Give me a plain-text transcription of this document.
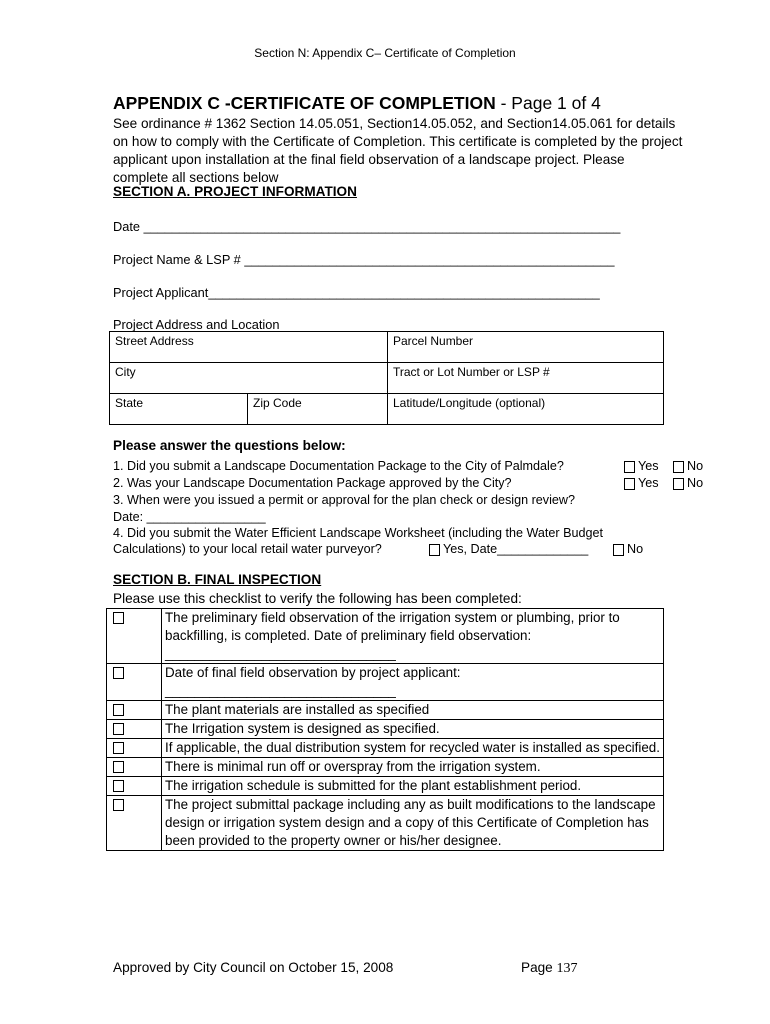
Section N: Appendix C– Certificate of Completion
APPENDIX C -CERTIFICATE OF COMPLETION - Page 1 of 4
See ordinance # 1362 Section 14.05.051, Section14.05.052, and Section14.05.061 for details on how to comply with the Certificate of Completion. This certificate is completed by the project applicant upon installation at the final field observation of a landscape project. Please complete all sections below
SECTION A. PROJECT INFORMATION
Date ___________________________________________________________________
Project Name & LSP # ____________________________________________________
Project Applicant_______________________________________________________
Project Address and Location
Street Address		Parcel Number
City		Tract or Lot Number or LSP #
State	Zip Code	Latitude/Longitude (optional)
Please answer the questions below:
1. Did you submit a Landscape Documentation Package to the City of Palmdale?	Yes	No
2. Was your Landscape Documentation Package approved by the City?	Yes	No
3. When were you issued a permit or approval for the plan check or design review?
Date: _________________
4. Did you submit the Water Efficient Landscape Worksheet (including the Water Budget
Calculations) to your local retail water purveyor?	Yes, Date_____________	No
SECTION B. FINAL INSPECTION
Please use this checklist to verify the following has been completed:
	The preliminary field observation of the irrigation system or plumbing, prior to backfilling, is completed. Date of preliminary field observation: _______________________________
	Date of final field observation by project applicant: _______________________________
	The plant materials are installed as specified
	The Irrigation system is designed as specified.
	If applicable, the dual distribution system for recycled water is installed as specified.
	There is minimal run off or overspray from the irrigation system.
	The irrigation schedule is submitted for the plant establishment period.
	The project submittal package including any as built modifications to the landscape design or irrigation system design and a copy of this Certificate of Completion has been provided to the property owner or his/her designee.
Approved by City Council on October 15, 2008	Page 137
